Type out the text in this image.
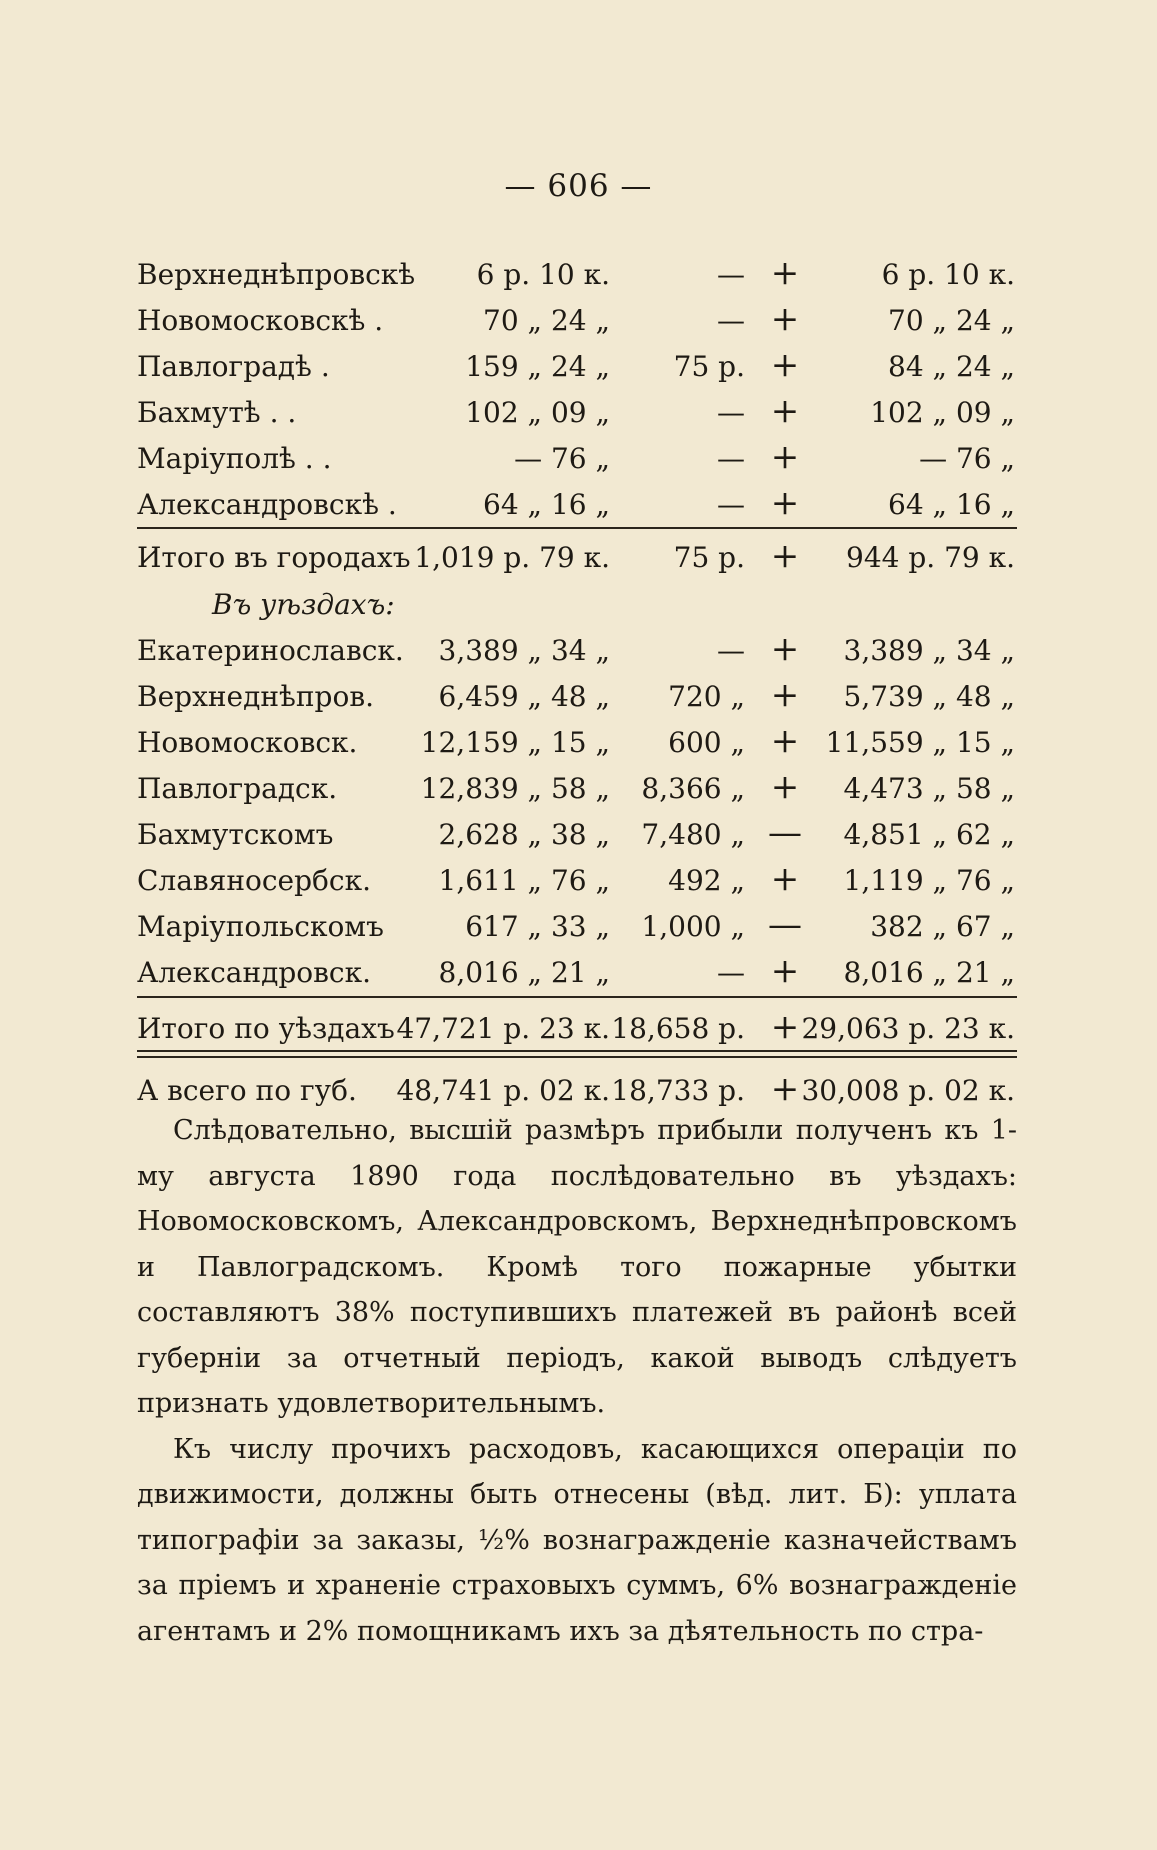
— 606 —
Верхнеднѣпровскѣ	6 р. 10 к.	— +	6 р. 10 к.
Новомосковскѣ .	70 „ 24 „	— +	70 „ 24 „
Павлоградѣ .	159 „ 24 „	75 р. +	84 „ 24 „
Бахмутѣ . .	102 „ 09 „	— +	102 „ 09 „
Маріуполѣ . .	— 76 „	— +	— 76 „
Александровскѣ .	64 „ 16 „	— +	64 „ 16 „
Итого въ городахъ 1,019 р. 79 к.	75 р. +	944 р. 79 к.
Екатеринославск.	3,389 „ 34 „	— +	3,389 „ 34 „
Верхнеднѣпров.	6,459 „ 48 „	720 „ +	5,739 „ 48 „
Новомосковск.	12,159 „ 15 „	600 „ + 11,559 „ 15 „
Павлоградск.	12,839 „ 58 „	8,366 „ +	4,473 „ 58 „
Бахмутскомъ	2,628 „ 38 „	7,480 „ —	4,851 „ 62 „
Славяносербск.	1,611 „ 76 „	492 „ +	1,119 „ 76 „
Маріупольскомъ	617 „ 33 „	1,000 „ —	382 „ 67 „
Александровск.	8,016 „ 21 „	— +	8,016 „ 21 „
Итого по уѣздахъ 47,721 р. 23 к. 18,658 р. + 29,063 р. 23 к.
А всего по губ.	48,741 р. 02 к. 18,733 р. + 30,008 р. 02 к.
Въ уѣздахъ:

Слѣдовательно, высшій размѣръ прибыли полученъ къ 1-му августа 1890 года послѣдовательно въ уѣздахъ: Новомосковскомъ, Александровскомъ, Верхнеднѣпровскомъ и Павлоградскомъ. Кромѣ того пожарные убытки составляютъ 38% поступившихъ платежей въ районѣ всей губерніи за отчетный періодъ, какой выводъ слѣдуетъ признать удовлетворительнымъ.

Къ числу прочихъ расходовъ, касающихся операціи по движимости, должны быть отнесены (вѣд. лит. Б): уплата типографіи за заказы, ½% вознагражденіе казначействамъ за пріемъ и храненіе страховыхъ суммъ, 6% вознагражденіе агентамъ и 2% помощникамъ ихъ за дѣятельность по стра-
